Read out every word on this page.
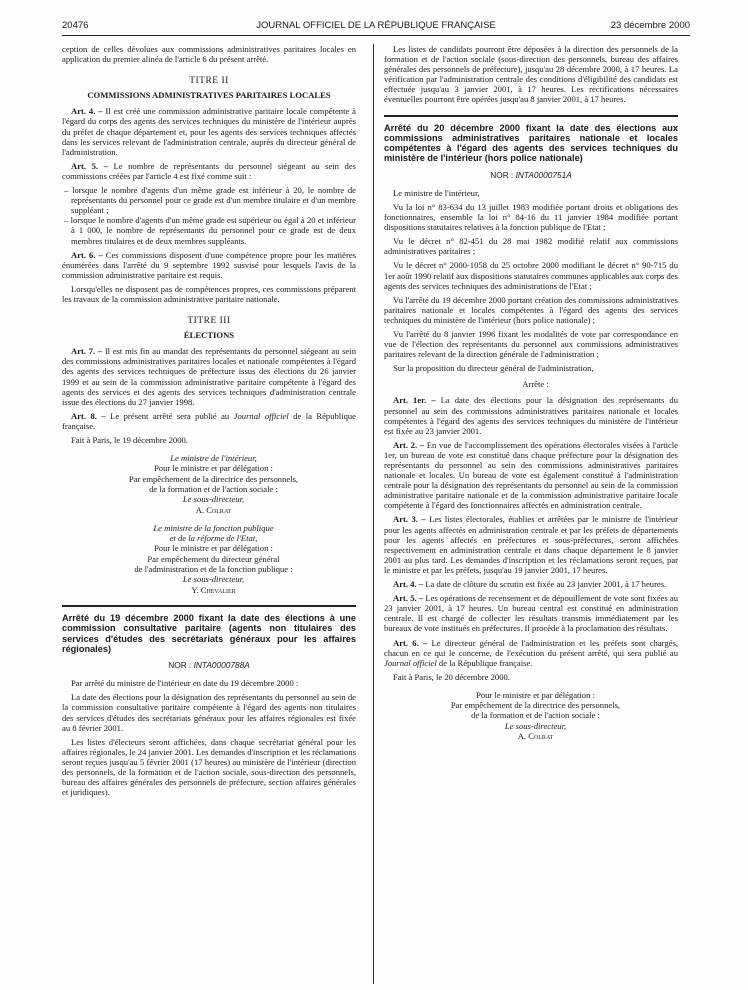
20476	JOURNAL OFFICIEL DE LA RÉPUBLIQUE FRANÇAISE	23 décembre 2000

ception de celles dévolues aux commissions administratives paritaires locales en application du premier alinéa de l'article 6 du présent arrêté.

TITRE II
COMMISSIONS ADMINISTRATIVES PARITAIRES LOCALES

Art. 4. – Il est créé une commission administrative paritaire locale compétente à l'égard du corps des agents des services techniques du ministère de l'intérieur auprès du préfet de chaque département et, pour les agents des services techniques affectés dans les services relevant de l'administration centrale, auprès du directeur général de l'administration.

Art. 5. – Le nombre de représentants du personnel siégeant au sein des commissions créées par l'article 4 est fixé comme suit :

– lorsque le nombre d'agents d'un même grade est inférieur à 20, le nombre de représentants du personnel pour ce grade est d'un membre titulaire et d'un membre suppléant ;
– lorsque le nombre d'agents d'un même grade est supérieur ou égal à 20 et inférieur à 1 000, le nombre de représentants du personnel pour ce grade est de deux membres titulaires et de deux membres suppléants.

Art. 6. – Ces commissions disposent d'une compétence propre pour les matières énumérées dans l'arrêté du 9 septembre 1992 susvisé pour lesquels l'avis de la commission administrative paritaire est requis.

Lorsqu'elles ne disposent pas de compétences propres, ces commissions préparent les travaux de la commission administrative paritaire nationale.

TITRE III
ÉLECTIONS

Art. 7. – Il est mis fin au mandat des représentants du personnel siégeant au sein des commissions administratives paritaires locales et nationale compétentes à l'égard des agents des services techniques de préfecture issus des élections du 26 janvier 1999 et au sein de la commission administrative paritaire compétente à l'égard des agents des services et des agents des services techniques d'administration centrale issue des élections du 27 janvier 1998.

Art. 8. – Le présent arrêté sera publié au Journal officiel de la République française.

Fait à Paris, le 19 décembre 2000.

Le ministre de l'intérieur,

Pour le ministre et par délégation :

Par empêchement de la directrice des personnels,

de la formation et de l'action sociale :

Le sous-directeur,

A. Colrat

Le ministre de la fonction publique

et de la réforme de l'Etat,

Pour le ministre et par délégation :

Par empêchement du directeur général

de l'administration et de la fonction publique :

Le sous-directeur,

Y. Chevalier

Arrêté du 19 décembre 2000 fixant la date des élections à une commission consultative paritaire (agents non titulaires des services d'études des secrétariats généraux pour les affaires régionales)
NOR : INTA0000788A

Par arrêté du ministre de l'intérieur en date du 19 décembre 2000 :

La date des élections pour la désignation des représentants du personnel au sein de la commission consultative paritaire compétente à l'égard des agents non titulaires des services d'études des secrétariats généraux pour les affaires régionales est fixée au 8 février 2001.

Les listes d'électeurs seront affichées, dans chaque secrétariat général pour les affaires régionales, le 24 janvier 2001. Les demandes d'inscription et les réclamations seront reçues jusqu'au 5 février 2001 (17 heures) au ministère de l'intérieur (direction des personnels, de la formation et de l'action sociale, sous-direction des personnels, bureau des affaires générales des personnels de préfecture, section affaires générales et juridiques).

Les listes de candidats pourront être déposées à la direction des personnels de la formation et de l'action sociale (sous-direction des personnels, bureau des affaires générales des personnels de préfecture), jusqu'au 28 décembre 2000, à 17 heures. La vérification par l'administration centrale des conditions d'éligibilité des candidats est effectuée jusqu'au 3 janvier 2001, à 17 heures. Les rectifications nécessaires éventuelles pourront être opérées jusqu'au 8 janvier 2001, à 17 heures.

Arrêté du 20 décembre 2000 fixant la date des élections aux commissions administratives paritaires nationale et locales compétentes à l'égard des agents des services techniques du ministère de l'intérieur (hors police nationale)
NOR : INTA0000751A

Le ministre de l'intérieur,

Vu la loi n° 83-634 du 13 juillet 1983 modifiée portant droits et obligations des fonctionnaires, ensemble la loi n° 84-16 du 11 janvier 1984 modifiée portant dispositions statutaires relatives à la fonction publique de l'Etat ;

Vu le décret n° 82-451 du 28 mai 1982 modifié relatif aux commissions administratives paritaires ;

Vu le décret n° 2000-1058 du 25 octobre 2000 modifiant le décret n° 90-715 du 1er août 1990 relatif aux dispositions statutaires communes applicables aux corps des agents des services techniques des administrations de l'Etat ;

Vu l'arrêté du 19 décembre 2000 portant création des commissions administratives paritaires nationale et locales compétentes à l'égard des agents des services techniques du ministère de l'intérieur (hors police nationale) ;

Vu l'arrêté du 8 janvier 1996 fixant les modalités de vote par correspondance en vue de l'élection des représentants du personnel aux commissions administratives paritaires relevant de la direction générale de l'administration ;

Sur la proposition du directeur général de l'administration,

Arrête :

Art. 1er. – La date des élections pour la désignation des représentants du personnel au sein des commissions administratives paritaires nationale et locales compétentes à l'égard des agents des services techniques du ministère de l'intérieur est fixée au 23 janvier 2001.

Art. 2. – En vue de l'accomplissement des opérations électorales visées à l'article 1er, un bureau de vote est constitué dans chaque préfecture pour la désignation des représentants du personnel au sein des commissions administratives paritaires nationale et locales. Un bureau de vote est également constitué à l'administration centrale pour la désignation des représentants du personnel au sein de la commission administrative paritaire nationale et de la commission administrative paritaire locale compétente à l'égard des fonctionnaires affectés en administration centrale.

Art. 3. – Les listes électorales, établies et arrêtées par le ministre de l'intérieur pour les agents affectés en administration centrale et par les préfets de départements pour les agents affectés en préfectures et sous-préfectures, seront affichées respectivement en administration centrale et dans chaque département le 8 janvier 2001 au plus tard. Les demandes d'inscription et les réclamations seront reçues, par le ministre et par les préfets, jusqu'au 19 janvier 2001, 17 heures.

Art. 4. – La date de clôture du scrutin est fixée au 23 janvier 2001, à 17 heures.

Art. 5. – Les opérations de recensement et de dépouillement de vote sont fixées au 23 janvier 2001, à 17 heures. Un bureau central est constitué en administration centrale. Il est chargé de collecter les résultats transmis immédiatement par les bureaux de vote institués en préfectures. Il procède à la proclamation des résultats.

Art. 6. – Le directeur général de l'administration et les préfets sont chargés, chacun en ce qui le concerne, de l'exécution du présent arrêté, qui sera publié au Journal officiel de la République française.

Fait à Paris, le 20 décembre 2000.

Pour le ministre et par délégation :

Par empêchement de la directrice des personnels,

de la formation et de l'action sociale :

Le sous-directeur,

A. Colrat
